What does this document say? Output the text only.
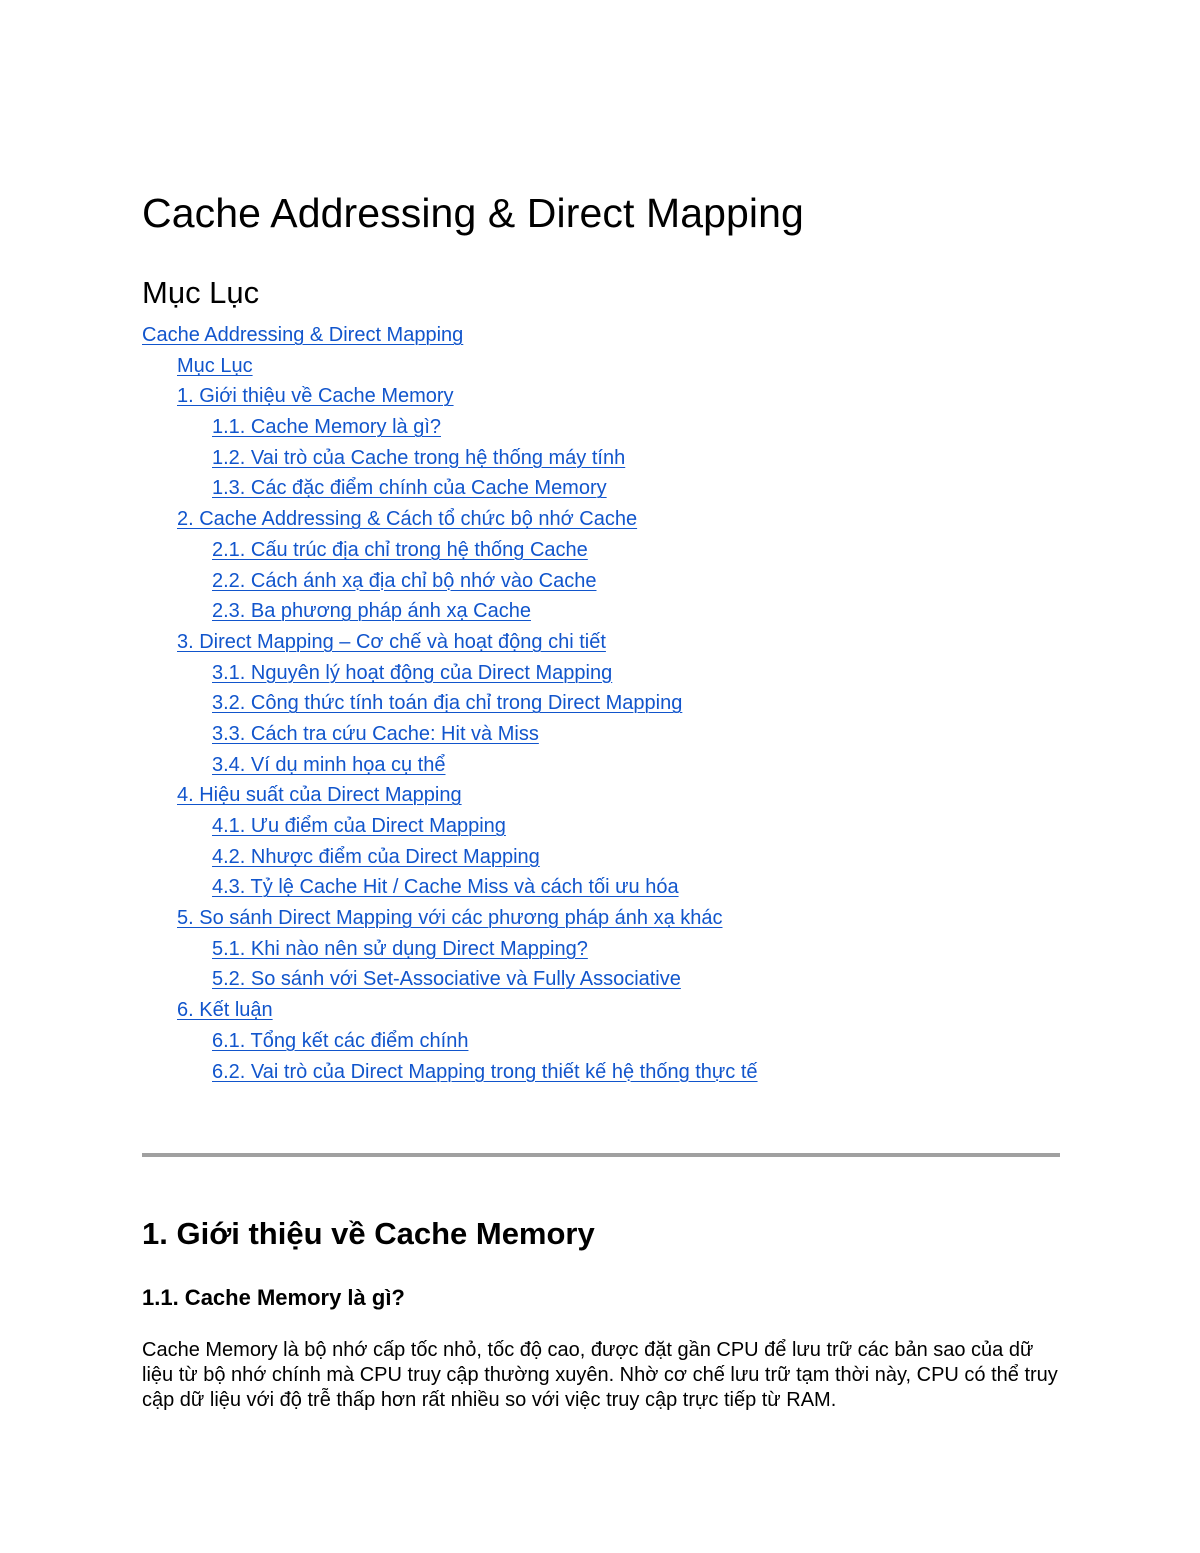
Cache Addressing & Direct Mapping
Mục Lục
Cache Addressing & Direct Mapping
Mục Lục
1. Giới thiệu về Cache Memory
1.1. Cache Memory là gì?
1.2. Vai trò của Cache trong hệ thống máy tính
1.3. Các đặc điểm chính của Cache Memory
2. Cache Addressing & Cách tổ chức bộ nhớ Cache
2.1. Cấu trúc địa chỉ trong hệ thống Cache
2.2. Cách ánh xạ địa chỉ bộ nhớ vào Cache
2.3. Ba phương pháp ánh xạ Cache
3. Direct Mapping – Cơ chế và hoạt động chi tiết
3.1. Nguyên lý hoạt động của Direct Mapping
3.2. Công thức tính toán địa chỉ trong Direct Mapping
3.3. Cách tra cứu Cache: Hit và Miss
3.4. Ví dụ minh họa cụ thể
4. Hiệu suất của Direct Mapping
4.1. Ưu điểm của Direct Mapping
4.2. Nhược điểm của Direct Mapping
4.3. Tỷ lệ Cache Hit / Cache Miss và cách tối ưu hóa
5. So sánh Direct Mapping với các phương pháp ánh xạ khác
5.1. Khi nào nên sử dụng Direct Mapping?
5.2. So sánh với Set-Associative và Fully Associative
6. Kết luận
6.1. Tổng kết các điểm chính
6.2. Vai trò của Direct Mapping trong thiết kế hệ thống thực tế
1. Giới thiệu về Cache Memory
1.1. Cache Memory là gì?

Cache Memory là bộ nhớ cấp tốc nhỏ, tốc độ cao, được đặt gần CPU để lưu trữ các bản sao của dữ liệu từ bộ nhớ chính mà CPU truy cập thường xuyên. Nhờ cơ chế lưu trữ tạm thời này, CPU có thể truy cập dữ liệu với độ trễ thấp hơn rất nhiều so với việc truy cập trực tiếp từ RAM.
